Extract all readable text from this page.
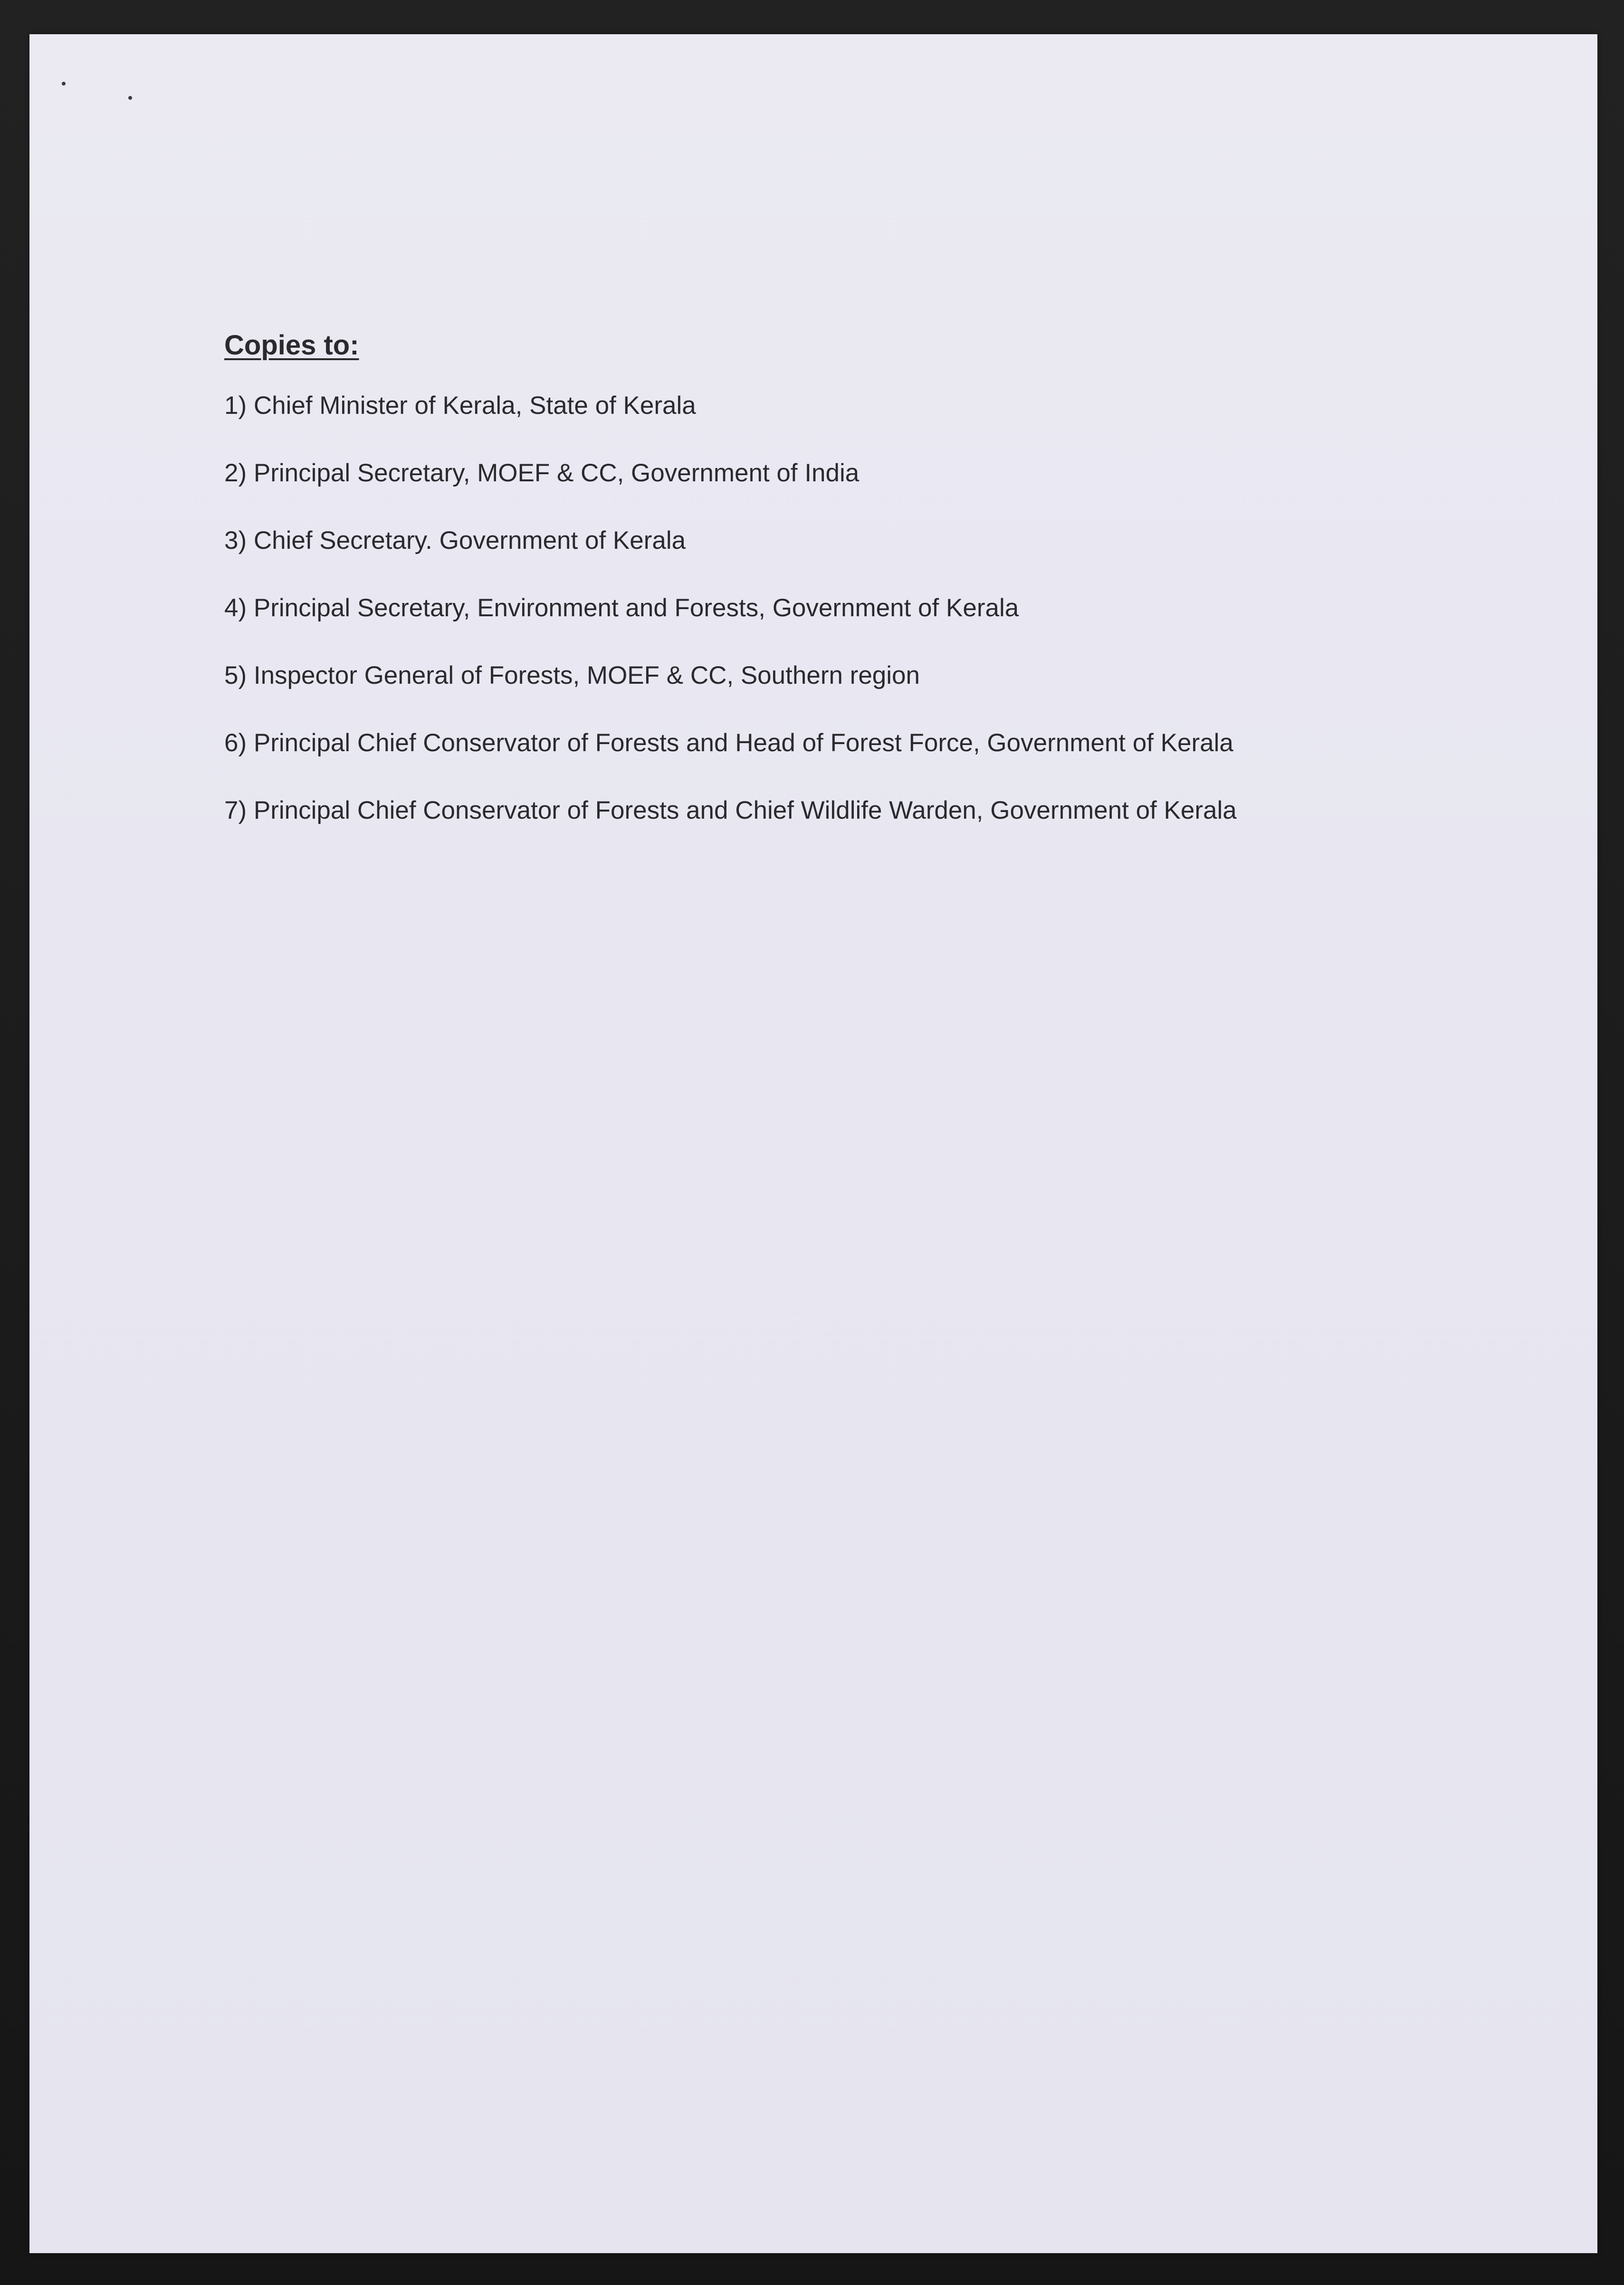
Copies to:
1) Chief Minister of Kerala, State of Kerala
2) Principal Secretary, MOEF & CC, Government of India
3) Chief Secretary. Government of Kerala
4) Principal Secretary, Environment and Forests, Government of Kerala
5) Inspector General of Forests, MOEF & CC, Southern region
6) Principal Chief Conservator of Forests and Head of Forest Force, Government of Kerala
7) Principal Chief Conservator of Forests and Chief Wildlife Warden, Government of Kerala
